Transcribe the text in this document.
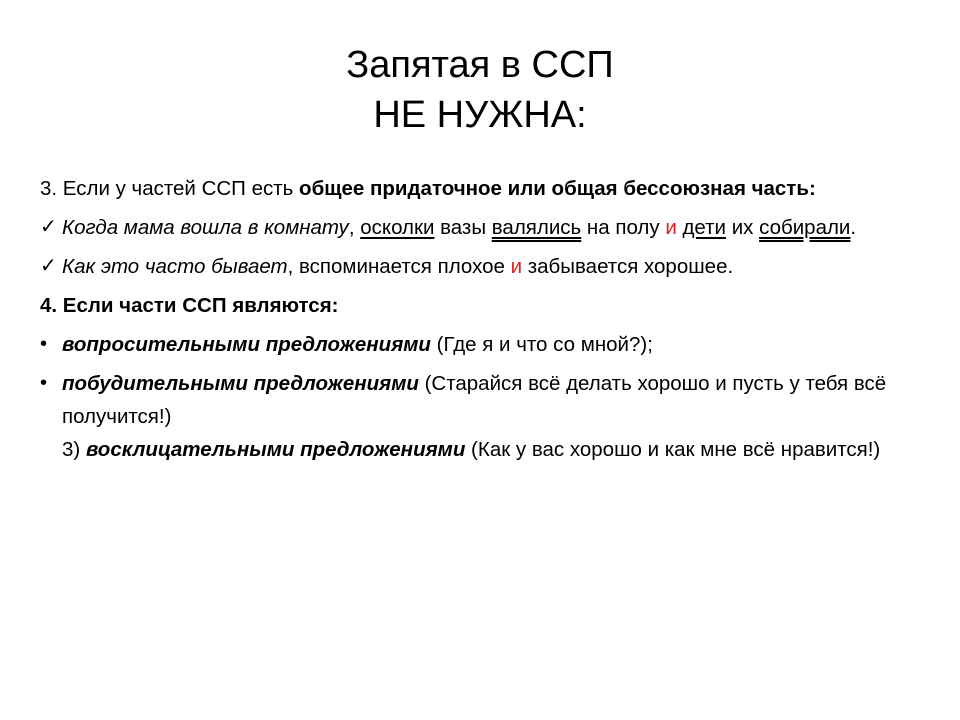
Запятая в ССП
НЕ НУЖНА:
3. Если у частей ССП есть общее придаточное или общая бессоюзная часть:
✓ Когда мама вошла в комнату, осколки вазы валялись на полу и дети их собирали.
✓ Как это часто бывает, вспоминается плохое и забывается хорошее.
4. Если части ССП являются:
• вопросительными предложениями (Где я и что со мной?);
• побудительными предложениями (Старайся всё делать хорошо и пусть у тебя всё получится!)
3) восклицательными предложениями (Как у вас хорошо и как мне всё нравится!)
